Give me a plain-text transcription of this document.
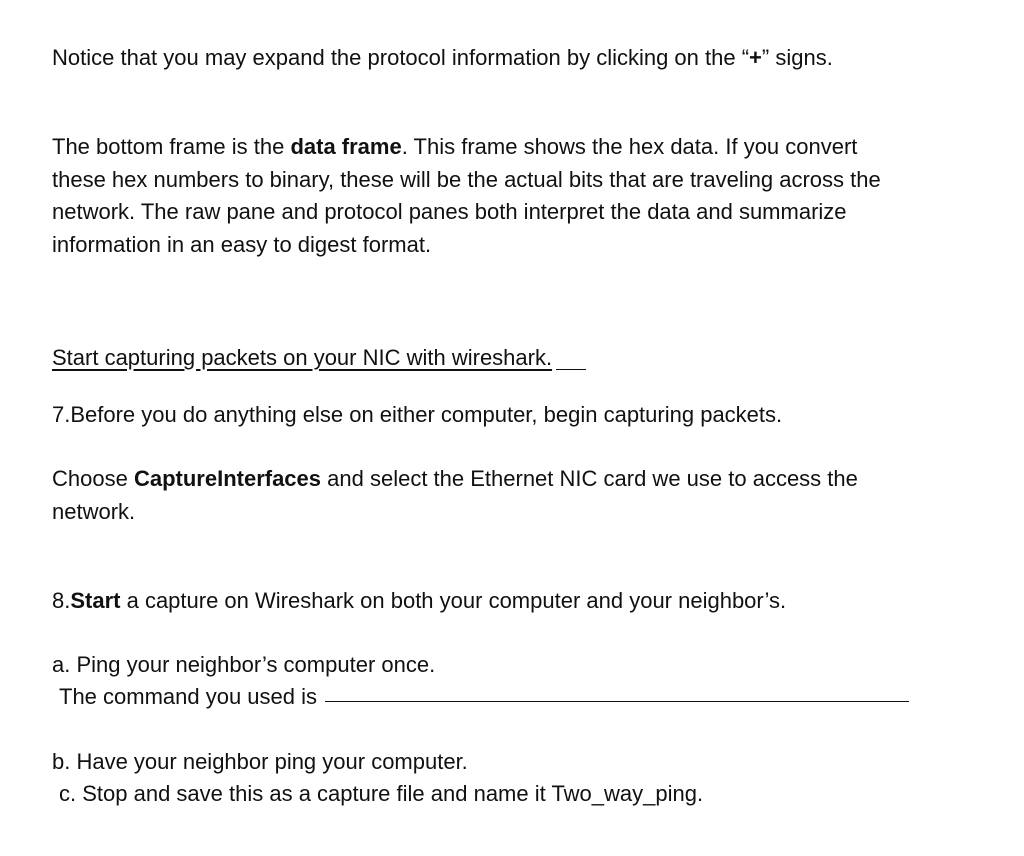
Notice that you may expand the protocol information by clicking on the “+” signs.
The bottom frame is the data frame. This frame shows the hex data. If you convert
these hex numbers to binary, these will be the actual bits that are traveling across the
network. The raw pane and protocol panes both interpret the data and summarize
information in an easy to digest format.
Start capturing packets on your NIC with wireshark.
7.Before you do anything else on either computer, begin capturing packets.
Choose CaptureInterfaces and select the Ethernet NIC card we use to access the
network.
8.Start a capture on Wireshark on both your computer and your neighbor’s.
a. Ping your neighbor’s computer once.
The command you used is
b. Have your neighbor ping your computer.
c. Stop and save this as a capture file and name it Two_way_ping.
